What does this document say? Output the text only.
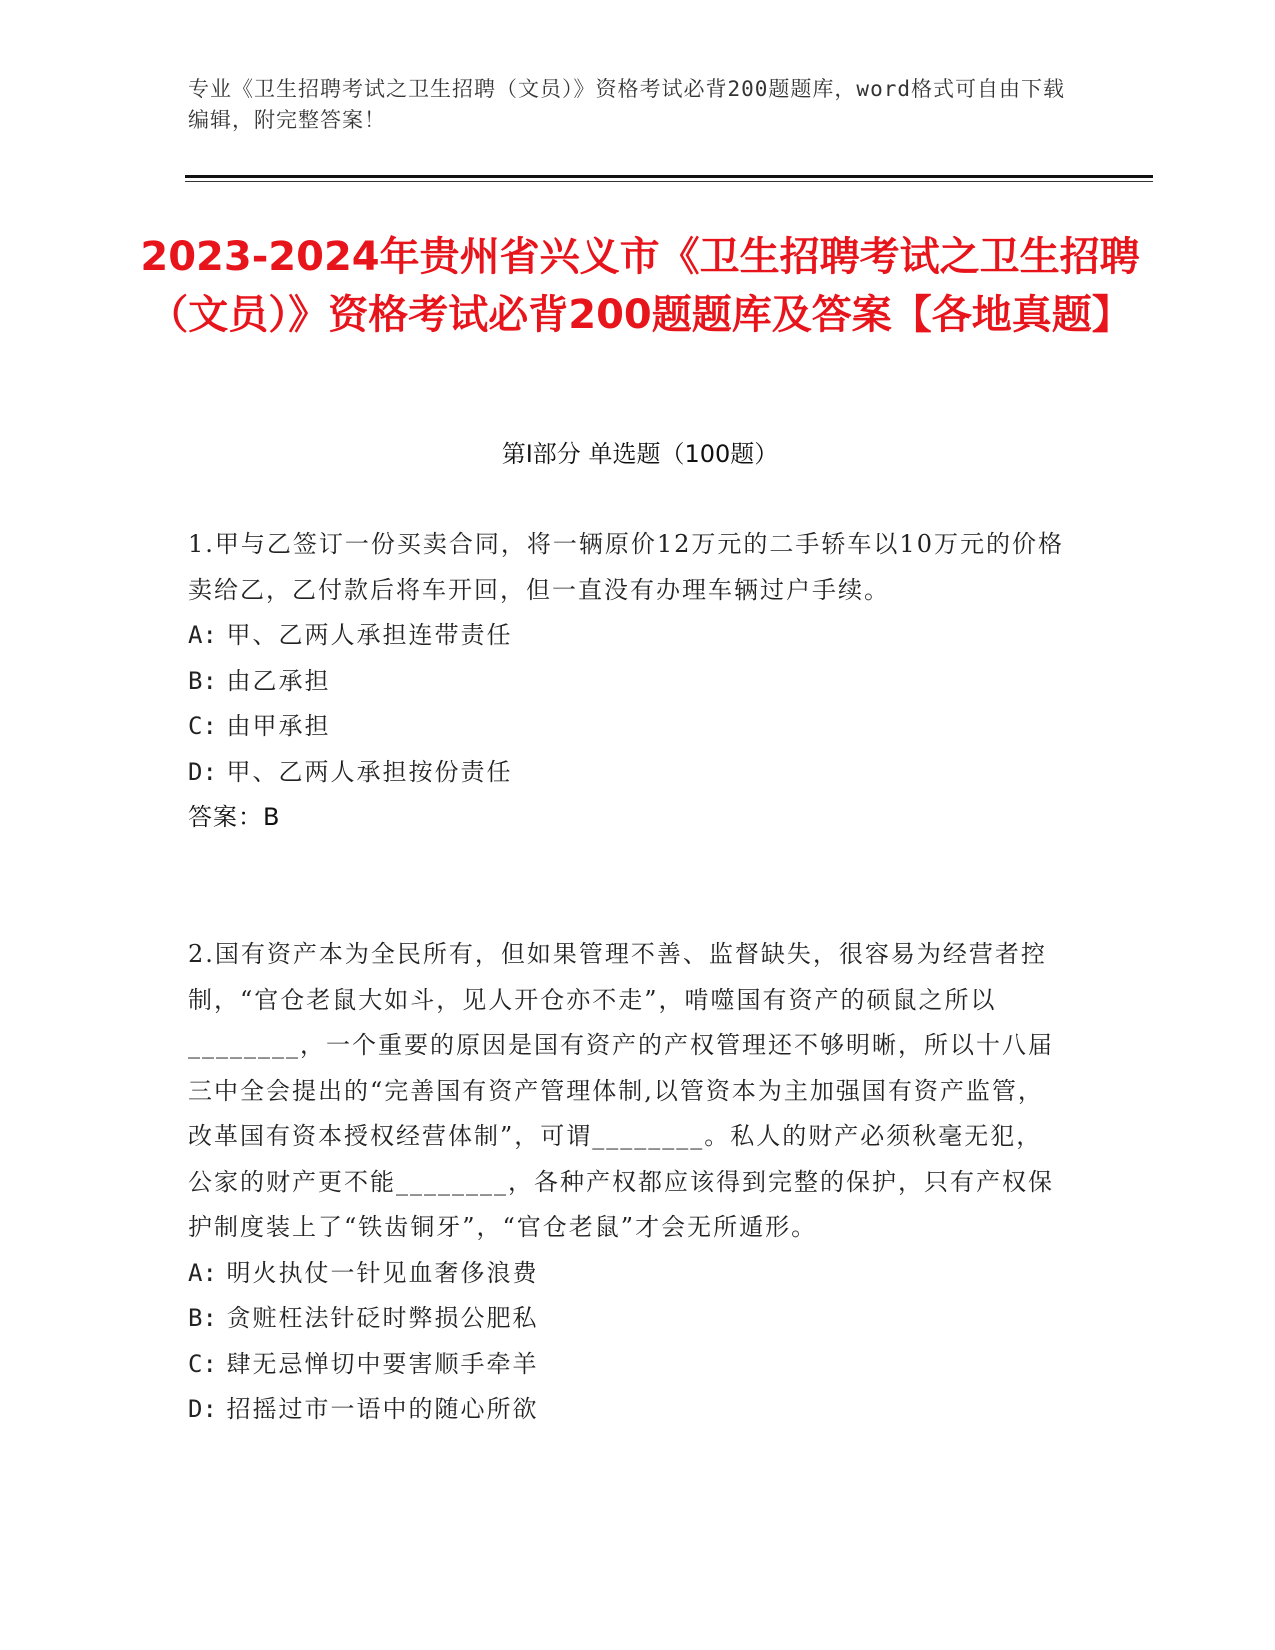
专业《卫生招聘考试之卫生招聘（文员）》资格考试必背200题题库，word格式可自由下载编辑，附完整答案！
2023-2024年贵州省兴义市《卫生招聘考试之卫生招聘（文员）》资格考试必背200题题库及答案【各地真题】
第Ⅰ部分 单选题（100题）
1.甲与乙签订一份买卖合同，将一辆原价12万元的二手轿车以10万元的价格卖给乙，乙付款后将车开回，但一直没有办理车辆过户手续。
A: 甲、乙两人承担连带责任
B: 由乙承担
C: 由甲承担
D: 甲、乙两人承担按份责任
答案：B
2.国有资产本为全民所有，但如果管理不善、监督缺失，很容易为经营者控制，“官仓老鼠大如斗，见人开仓亦不走”，啃噬国有资产的硕鼠之所以________，一个重要的原因是国有资产的产权管理还不够明晰，所以十八届三中全会提出的“完善国有资产管理体制,以管资本为主加强国有资产监管，改革国有资本授权经营体制”，可谓________。私人的财产必须秋毫无犯，公家的财产更不能________，各种产权都应该得到完整的保护，只有产权保护制度装上了“铁齿铜牙”，“官仓老鼠”才会无所遁形。
A: 明火执仗一针见血奢侈浪费
B: 贪赃枉法针砭时弊损公肥私
C: 肆无忌惮切中要害顺手牵羊
D: 招摇过市一语中的随心所欲
